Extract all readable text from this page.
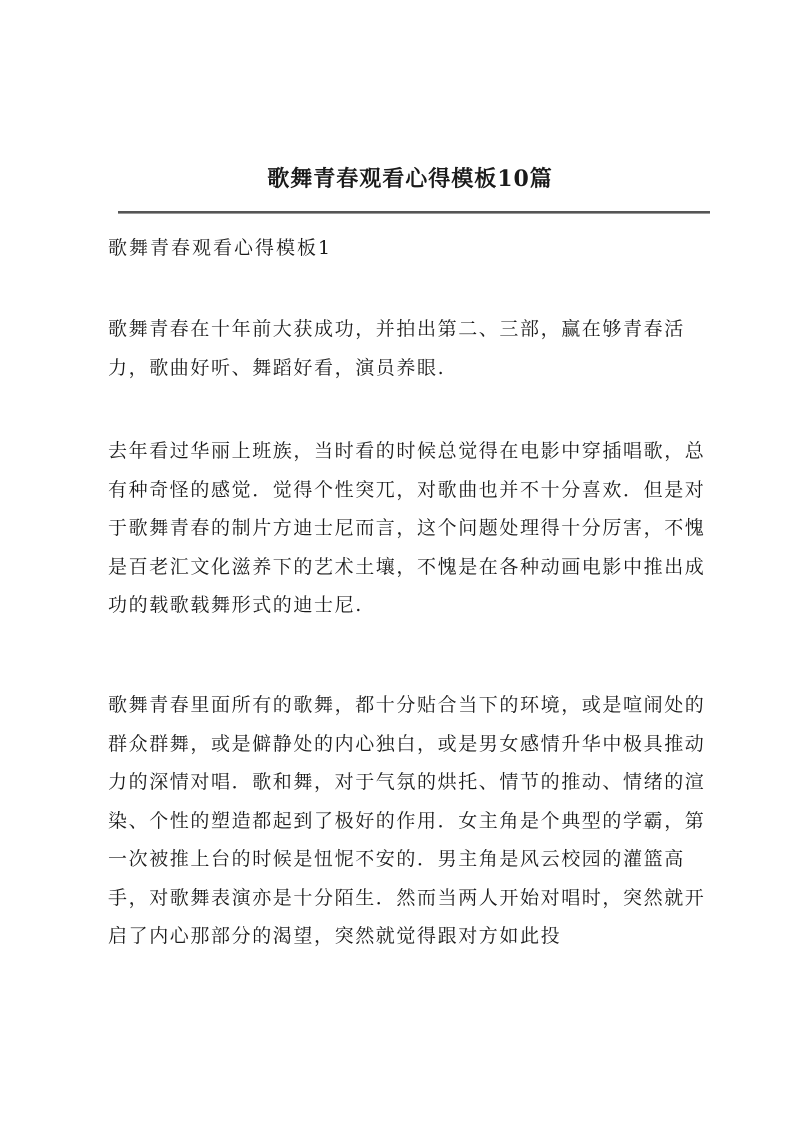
歌舞青春观看心得模板10篇
歌舞青春观看心得模板1

歌舞青春在十年前大获成功，并拍出第二、三部，赢在够青春活力，歌曲好听、舞蹈好看，演员养眼.

去年看过华丽上班族，当时看的时候总觉得在电影中穿插唱歌，总有种奇怪的感觉．觉得个性突兀，对歌曲也并不十分喜欢．但是对于歌舞青春的制片方迪士尼而言，这个问题处理得十分厉害，不愧是百老汇文化滋养下的艺术土壤，不愧是在各种动画电影中推出成功的载歌载舞形式的迪士尼.

歌舞青春里面所有的歌舞，都十分贴合当下的环境，或是喧闹处的群众群舞，或是僻静处的内心独白，或是男女感情升华中极具推动力的深情对唱．歌和舞，对于气氛的烘托、情节的推动、情绪的渲染、个性的塑造都起到了极好的作用．女主角是个典型的学霸，第一次被推上台的时候是忸怩不安的．男主角是风云校园的灌篮高手，对歌舞表演亦是十分陌生．然而当两人开始对唱时，突然就开启了内心那部分的渴望，突然就觉得跟对方如此投
